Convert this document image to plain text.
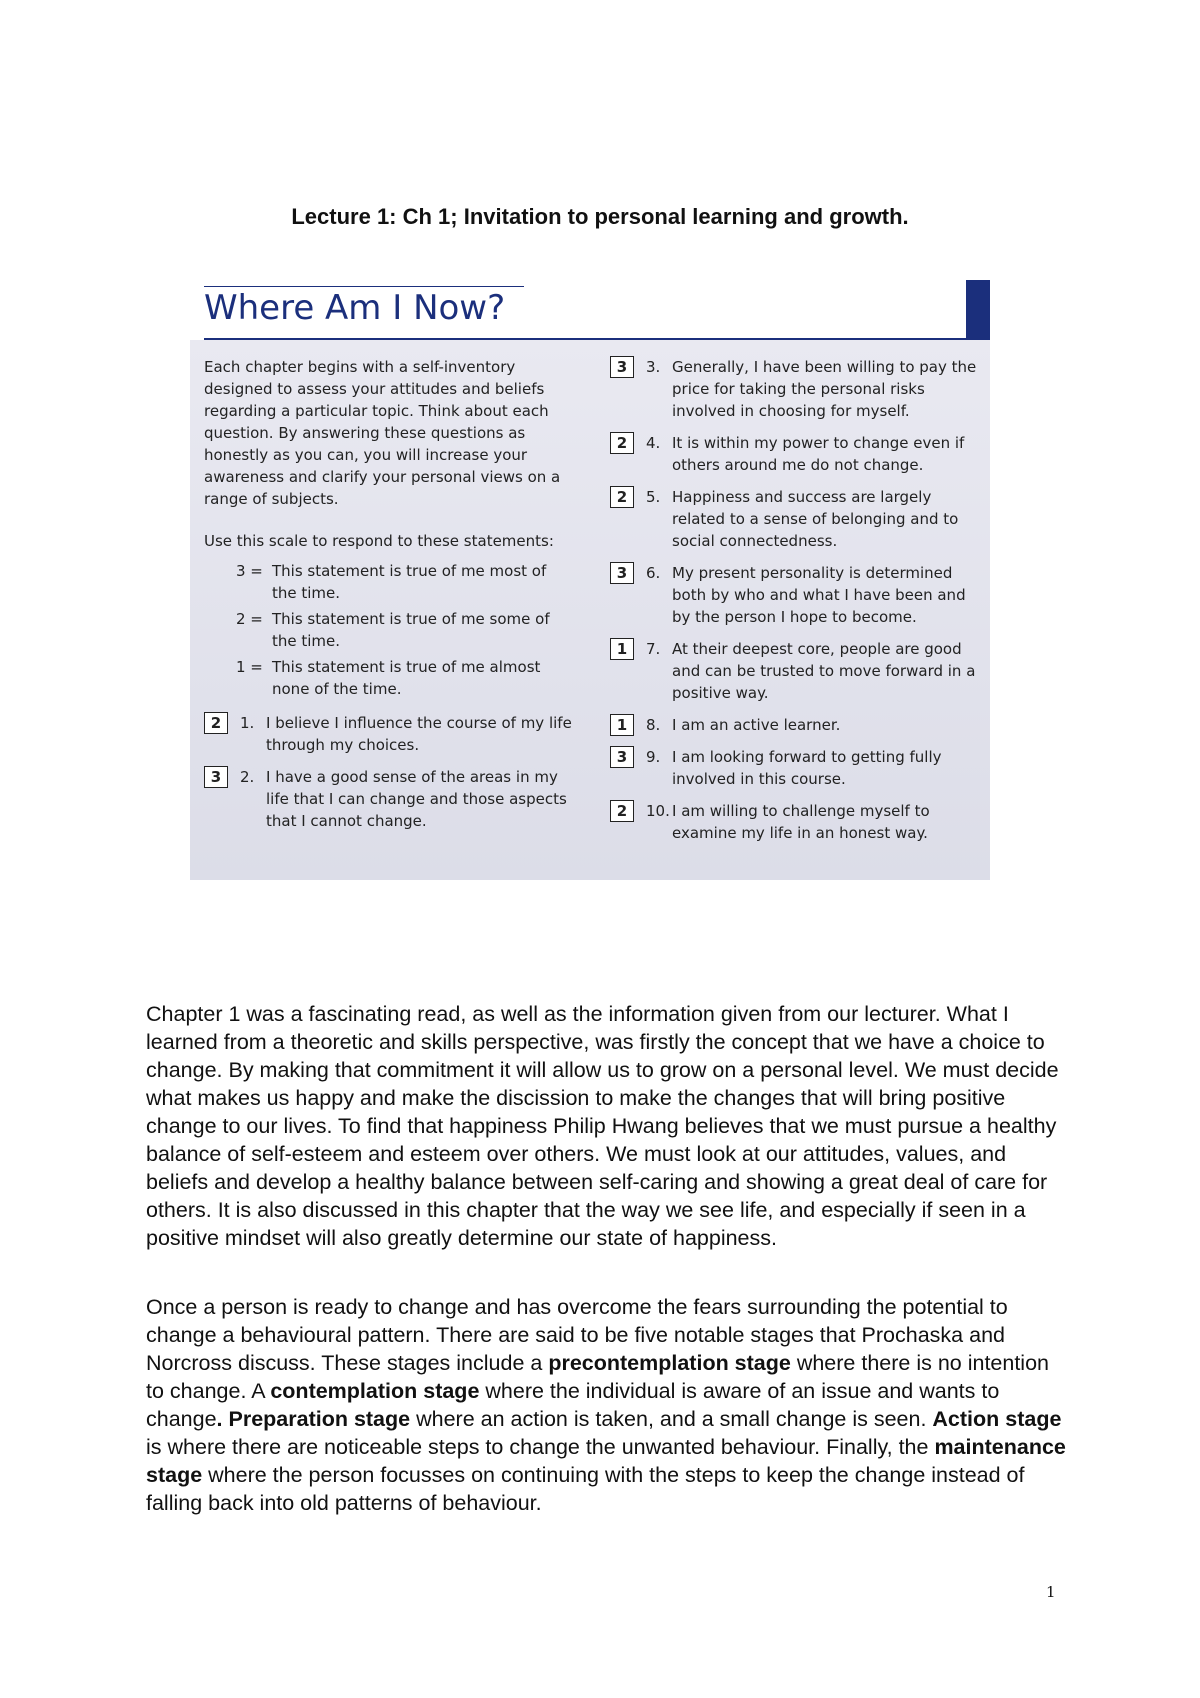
Lecture 1: Ch 1; Invitation to personal learning and growth.
Where Am I Now?

Each chapter begins with a self-inventory designed to assess your attitudes and beliefs regarding a particular topic. Think about each question. By answering these questions as honestly as you can, you will increase your awareness and clarify your personal views on a range of subjects.

Use this scale to respond to these statements:

3 = This statement is true of me most of the time.
2 = This statement is true of me some of the time.
1 = This statement is true of me almost none of the time.
2	1. I believe I influence the course of my life through my choices.
3	2. I have a good sense of the areas in my life that I can change and those aspects that I cannot change.
3	3. Generally, I have been willing to pay the price for taking the personal risks involved in choosing for myself.
2	4. It is within my power to change even if others around me do not change.
2	5. Happiness and success are largely related to a sense of belonging and to social connectedness.
3	6. My present personality is determined both by who and what I have been and by the person I hope to become.
1	7. At their deepest core, people are good and can be trusted to move forward in a positive way.
1	8. I am an active learner.
3	9. I am looking forward to getting fully involved in this course.
2	10. I am willing to challenge myself to examine my life in an honest way.

Chapter 1 was a fascinating read, as well as the information given from our lecturer. What I learned from a theoretic and skills perspective, was firstly the concept that we have a choice to change. By making that commitment it will allow us to grow on a personal level. We must decide what makes us happy and make the discission to make the changes that will bring positive change to our lives. To find that happiness Philip Hwang believes that we must pursue a healthy balance of self-esteem and esteem over others. We must look at our attitudes, values, and beliefs and develop a healthy balance between self-caring and showing a great deal of care for others. It is also discussed in this chapter that the way we see life, and especially if seen in a positive mindset will also greatly determine our state of happiness.

Once a person is ready to change and has overcome the fears surrounding the potential to change a behavioural pattern. There are said to be five notable stages that Prochaska and Norcross discuss. These stages include a precontemplation stage where there is no intention to change. A contemplation stage where the individual is aware of an issue and wants to change. Preparation stage where an action is taken, and a small change is seen. Action stage is where there are noticeable steps to change the unwanted behaviour. Finally, the maintenance stage where the person focusses on continuing with the steps to keep the change instead of falling back into old patterns of behaviour.

1
